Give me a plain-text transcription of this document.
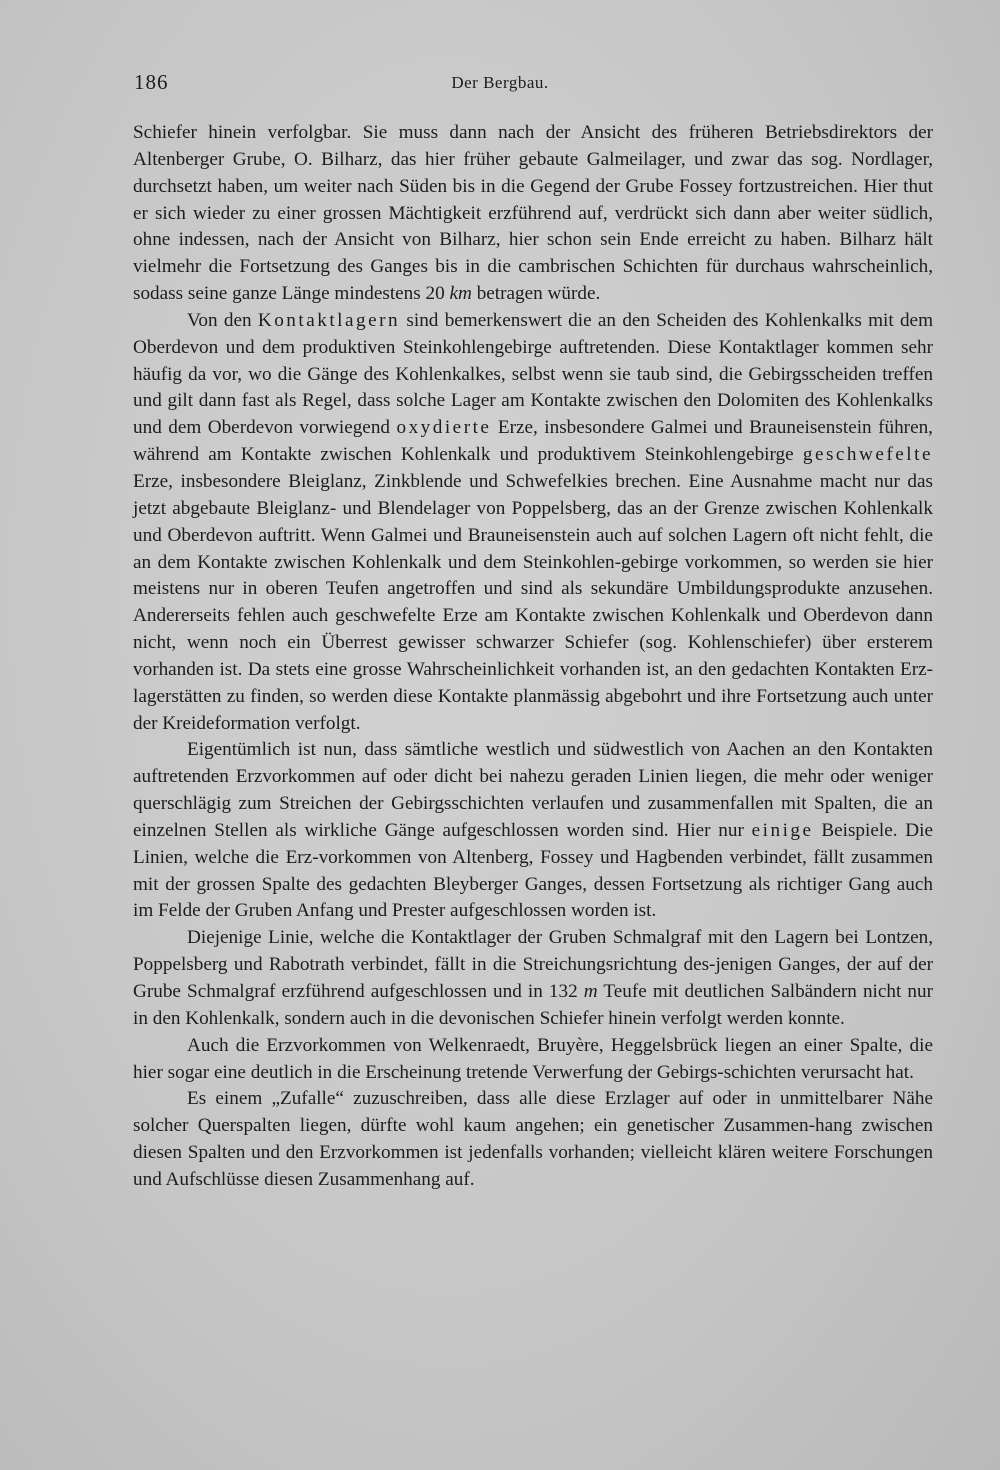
186	Der Bergbau.

Schiefer hinein verfolgbar. Sie muss dann nach der Ansicht des früheren Betriebsdirektors der Altenberger Grube, O. Bilharz, das hier früher gebaute Galmeilager, und zwar das sog. Nordlager, durchsetzt haben, um weiter nach Süden bis in die Gegend der Grube Fossey fortzustreichen. Hier thut er sich wieder zu einer grossen Mächtigkeit erzführend auf, verdrückt sich dann aber weiter südlich, ohne indessen, nach der Ansicht von Bilharz, hier schon sein Ende erreicht zu haben. Bilharz hält vielmehr die Fortsetzung des Ganges bis in die cambrischen Schichten für durchaus wahrscheinlich, sodass seine ganze Länge mindestens 20 km betragen würde.

Von den Kontaktlagern sind bemerkenswert die an den Scheiden des Kohlenkalks mit dem Oberdevon und dem produktiven Steinkohlengebirge auftretenden. Diese Kontaktlager kommen sehr häufig da vor, wo die Gänge des Kohlenkalkes, selbst wenn sie taub sind, die Gebirgsscheiden treffen und gilt dann fast als Regel, dass solche Lager am Kontakte zwischen den Dolomiten des Kohlenkalks und dem Oberdevon vorwiegend oxydierte Erze, insbesondere Galmei und Brauneisenstein führen, während am Kontakte zwischen Kohlenkalk und produktivem Steinkohlengebirge geschwefelte Erze, insbesondere Bleiglanz, Zinkblende und Schwefelkies brechen. Eine Ausnahme macht nur das jetzt abgebaute Bleiglanz- und Blendelager von Poppelsberg, das an der Grenze zwischen Kohlenkalk und Oberdevon auftritt. Wenn Galmei und Brauneisenstein auch auf solchen Lagern oft nicht fehlt, die an dem Kontakte zwischen Kohlenkalk und dem Steinkohlen-gebirge vorkommen, so werden sie hier meistens nur in oberen Teufen angetroffen und sind als sekundäre Umbildungsprodukte anzusehen. Andererseits fehlen auch geschwefelte Erze am Kontakte zwischen Kohlenkalk und Oberdevon dann nicht, wenn noch ein Überrest gewisser schwarzer Schiefer (sog. Kohlenschiefer) über ersterem vorhanden ist. Da stets eine grosse Wahrscheinlichkeit vorhanden ist, an den gedachten Kontakten Erz-lagerstätten zu finden, so werden diese Kontakte planmässig abgebohrt und ihre Fortsetzung auch unter der Kreideformation verfolgt.

Eigentümlich ist nun, dass sämtliche westlich und südwestlich von Aachen an den Kontakten auftretenden Erzvorkommen auf oder dicht bei nahezu geraden Linien liegen, die mehr oder weniger querschlägig zum Streichen der Gebirgsschichten verlaufen und zusammenfallen mit Spalten, die an einzelnen Stellen als wirkliche Gänge aufgeschlossen worden sind. Hier nur einige Beispiele. Die Linien, welche die Erz-vorkommen von Altenberg, Fossey und Hagbenden verbindet, fällt zusammen mit der grossen Spalte des gedachten Bleyberger Ganges, dessen Fortsetzung als richtiger Gang auch im Felde der Gruben Anfang und Prester aufgeschlossen worden ist.

Diejenige Linie, welche die Kontaktlager der Gruben Schmalgraf mit den Lagern bei Lontzen, Poppelsberg und Rabotrath verbindet, fällt in die Streichungsrichtung des-jenigen Ganges, der auf der Grube Schmalgraf erzführend aufgeschlossen und in 132 m Teufe mit deutlichen Salbändern nicht nur in den Kohlenkalk, sondern auch in die devonischen Schiefer hinein verfolgt werden konnte.

Auch die Erzvorkommen von Welkenraedt, Bruyère, Heggelsbrück liegen an einer Spalte, die hier sogar eine deutlich in die Erscheinung tretende Verwerfung der Gebirgs-schichten verursacht hat.

Es einem „Zufalle“ zuzuschreiben, dass alle diese Erzlager auf oder in unmittelbarer Nähe solcher Querspalten liegen, dürfte wohl kaum angehen; ein genetischer Zusammen-hang zwischen diesen Spalten und den Erzvorkommen ist jedenfalls vorhanden; vielleicht klären weitere Forschungen und Aufschlüsse diesen Zusammenhang auf.
